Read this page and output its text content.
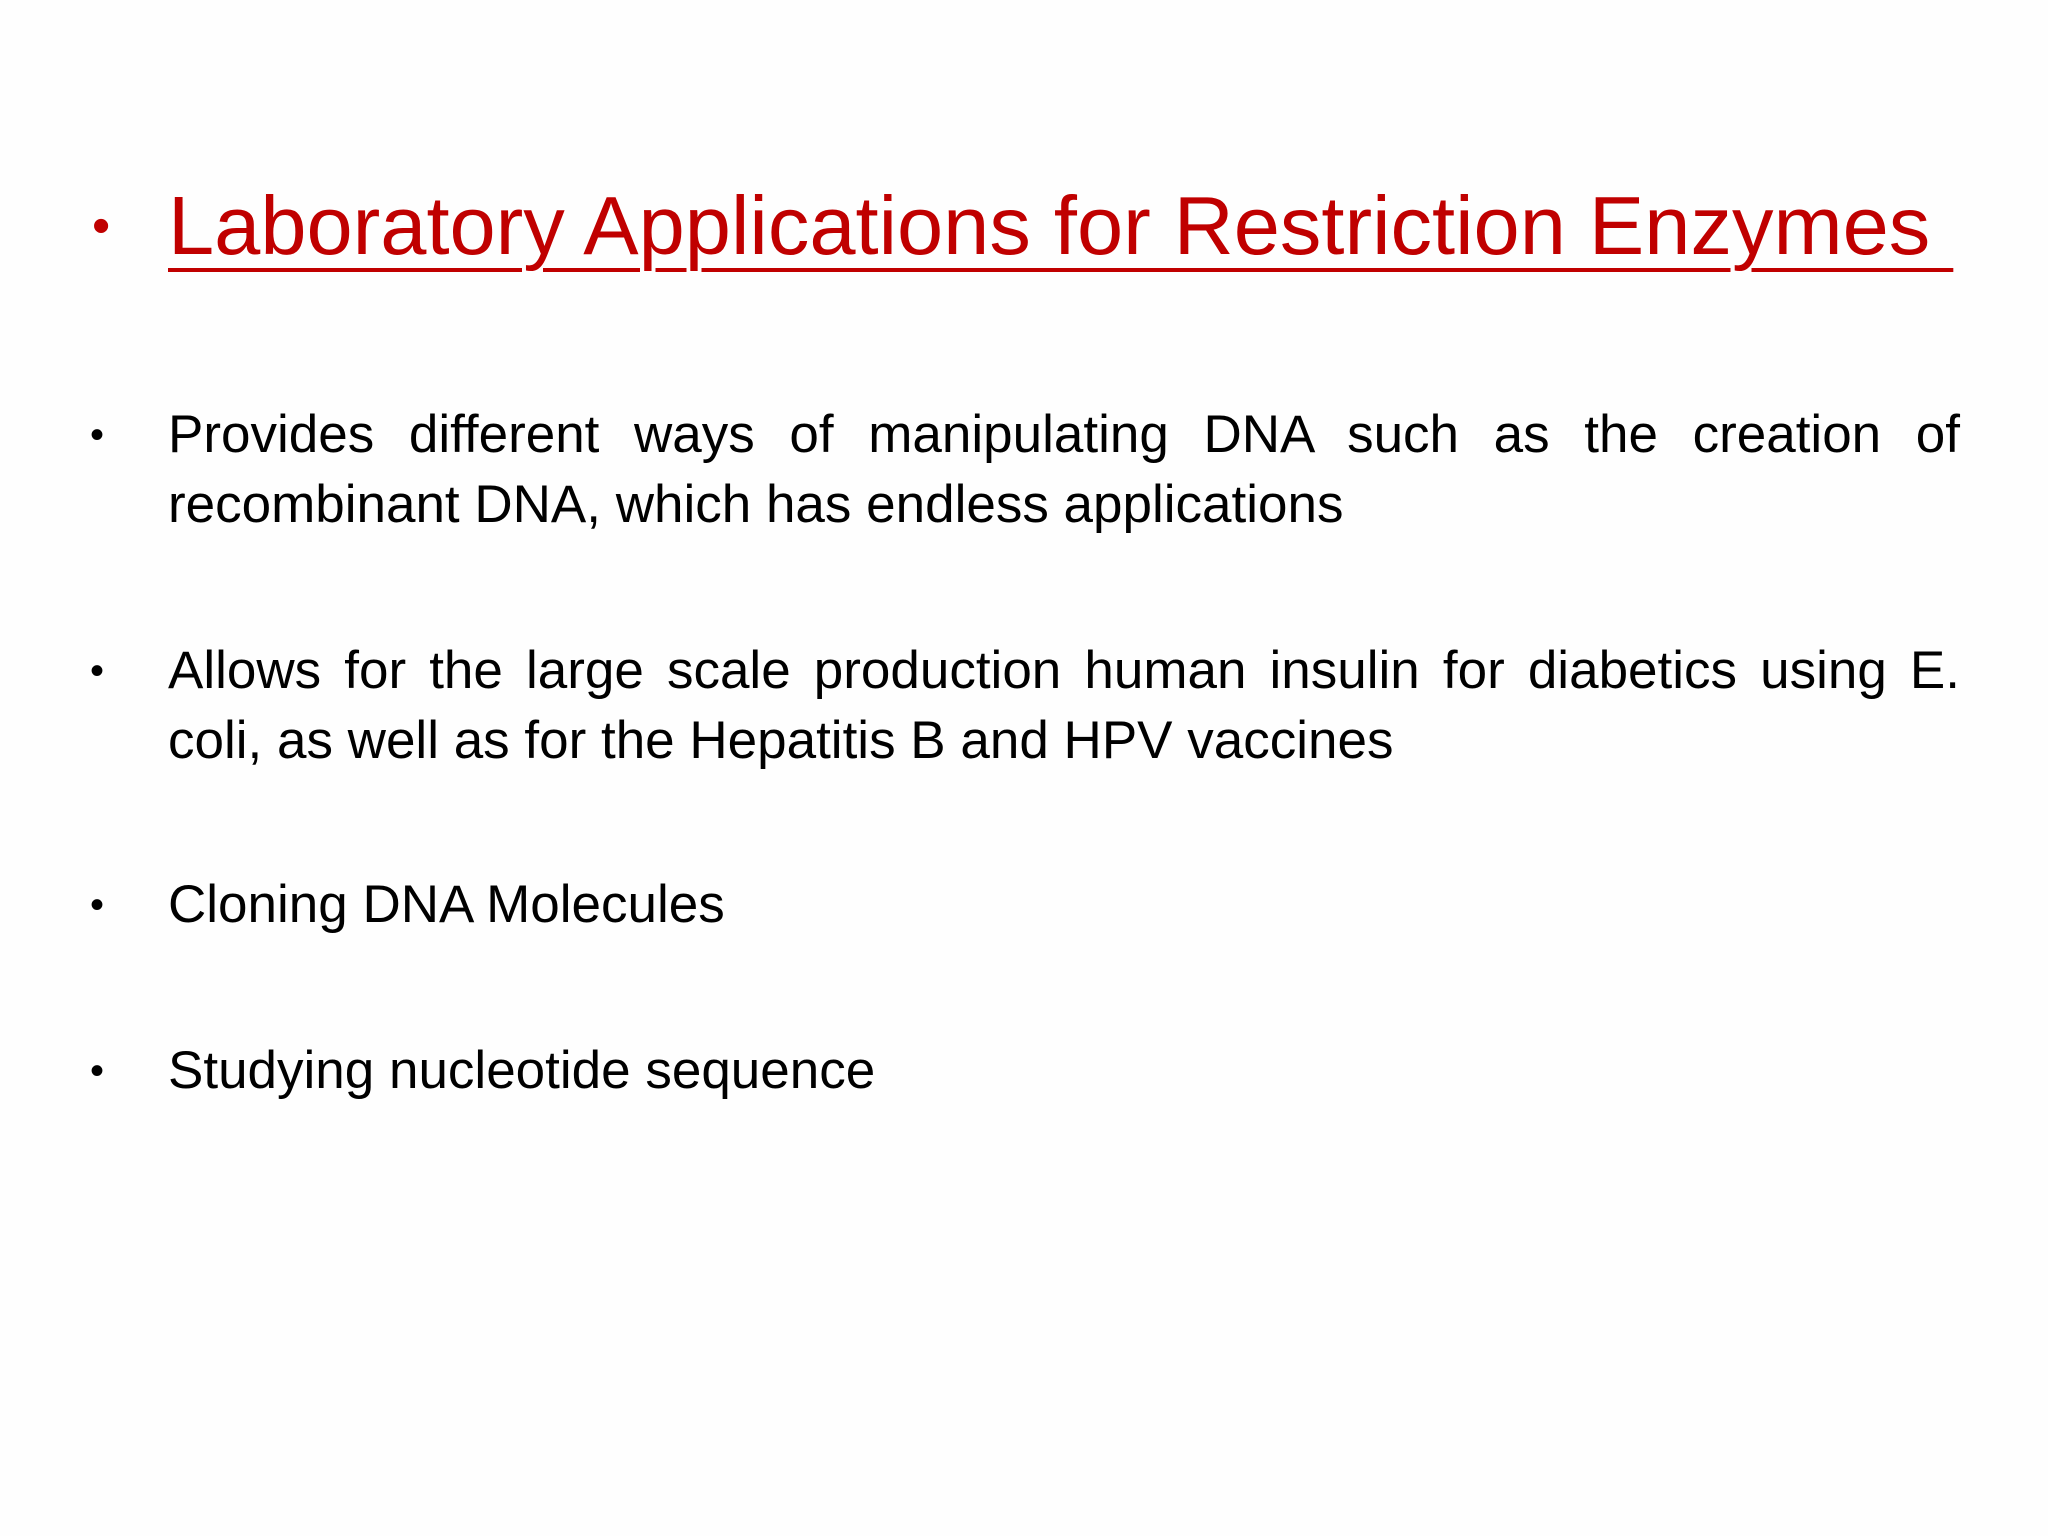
• Laboratory Applications for Restriction Enzymes
•	Provides different ways of manipulating DNA such as the creation of recombinant DNA, which has endless applications
•	Allows for the large scale production human insulin for diabetics using E. coli, as well as for the Hepatitis B and HPV vaccines
•	Cloning DNA Molecules
•	Studying nucleotide sequence
